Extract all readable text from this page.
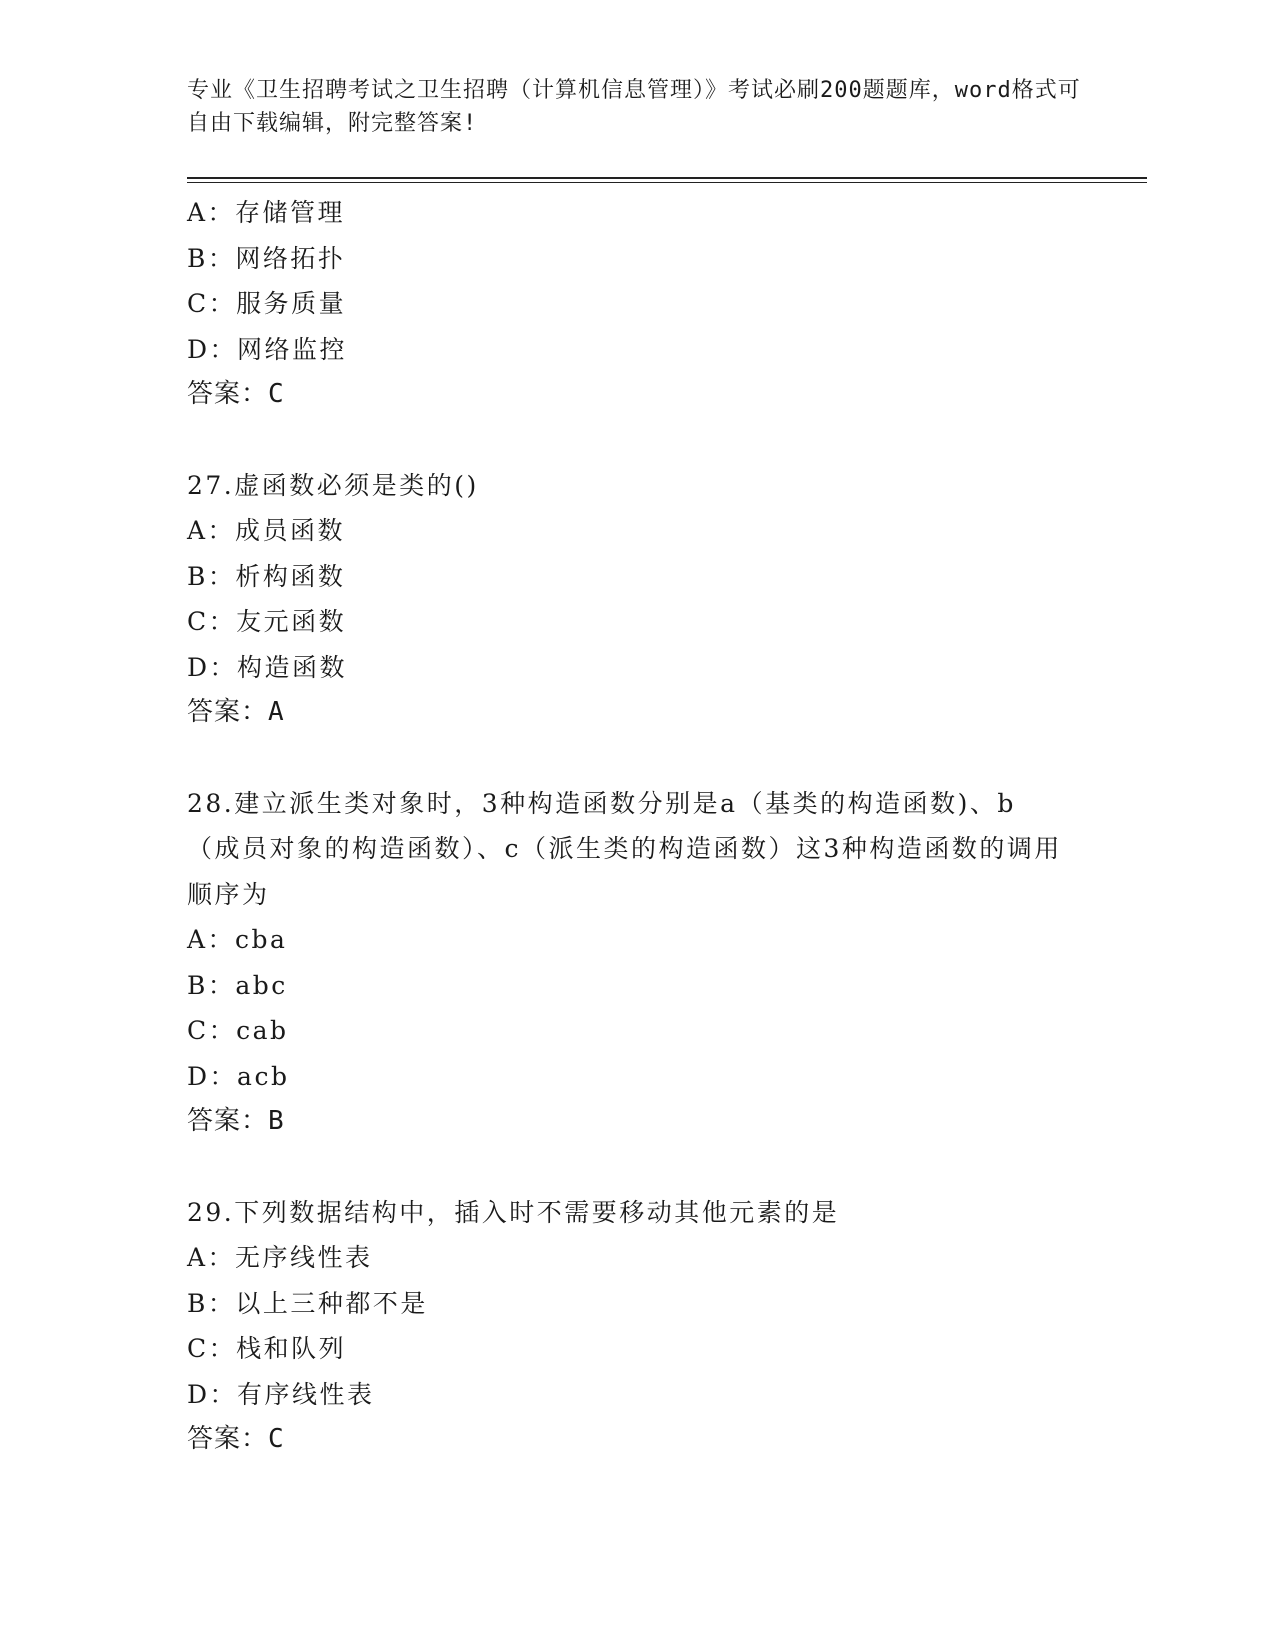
专业《卫生招聘考试之卫生招聘（计算机信息管理）》考试必刷200题题库，word格式可自由下载编辑，附完整答案!
A：存储管理
B：网络拓扑
C：服务质量
D：网络监控
答案：C
27.虚函数必须是类的()
A：成员函数
B：析构函数
C：友元函数
D：构造函数
答案：A
28.建立派生类对象时，3种构造函数分别是a（基类的构造函数)、b（成员对象的构造函数）、c（派生类的构造函数）这3种构造函数的调用顺序为
A：cba
B：abc
C：cab
D：acb
答案：B
29.下列数据结构中，插入时不需要移动其他元素的是
A：无序线性表
B：以上三种都不是
C：栈和队列
D：有序线性表
答案：C
